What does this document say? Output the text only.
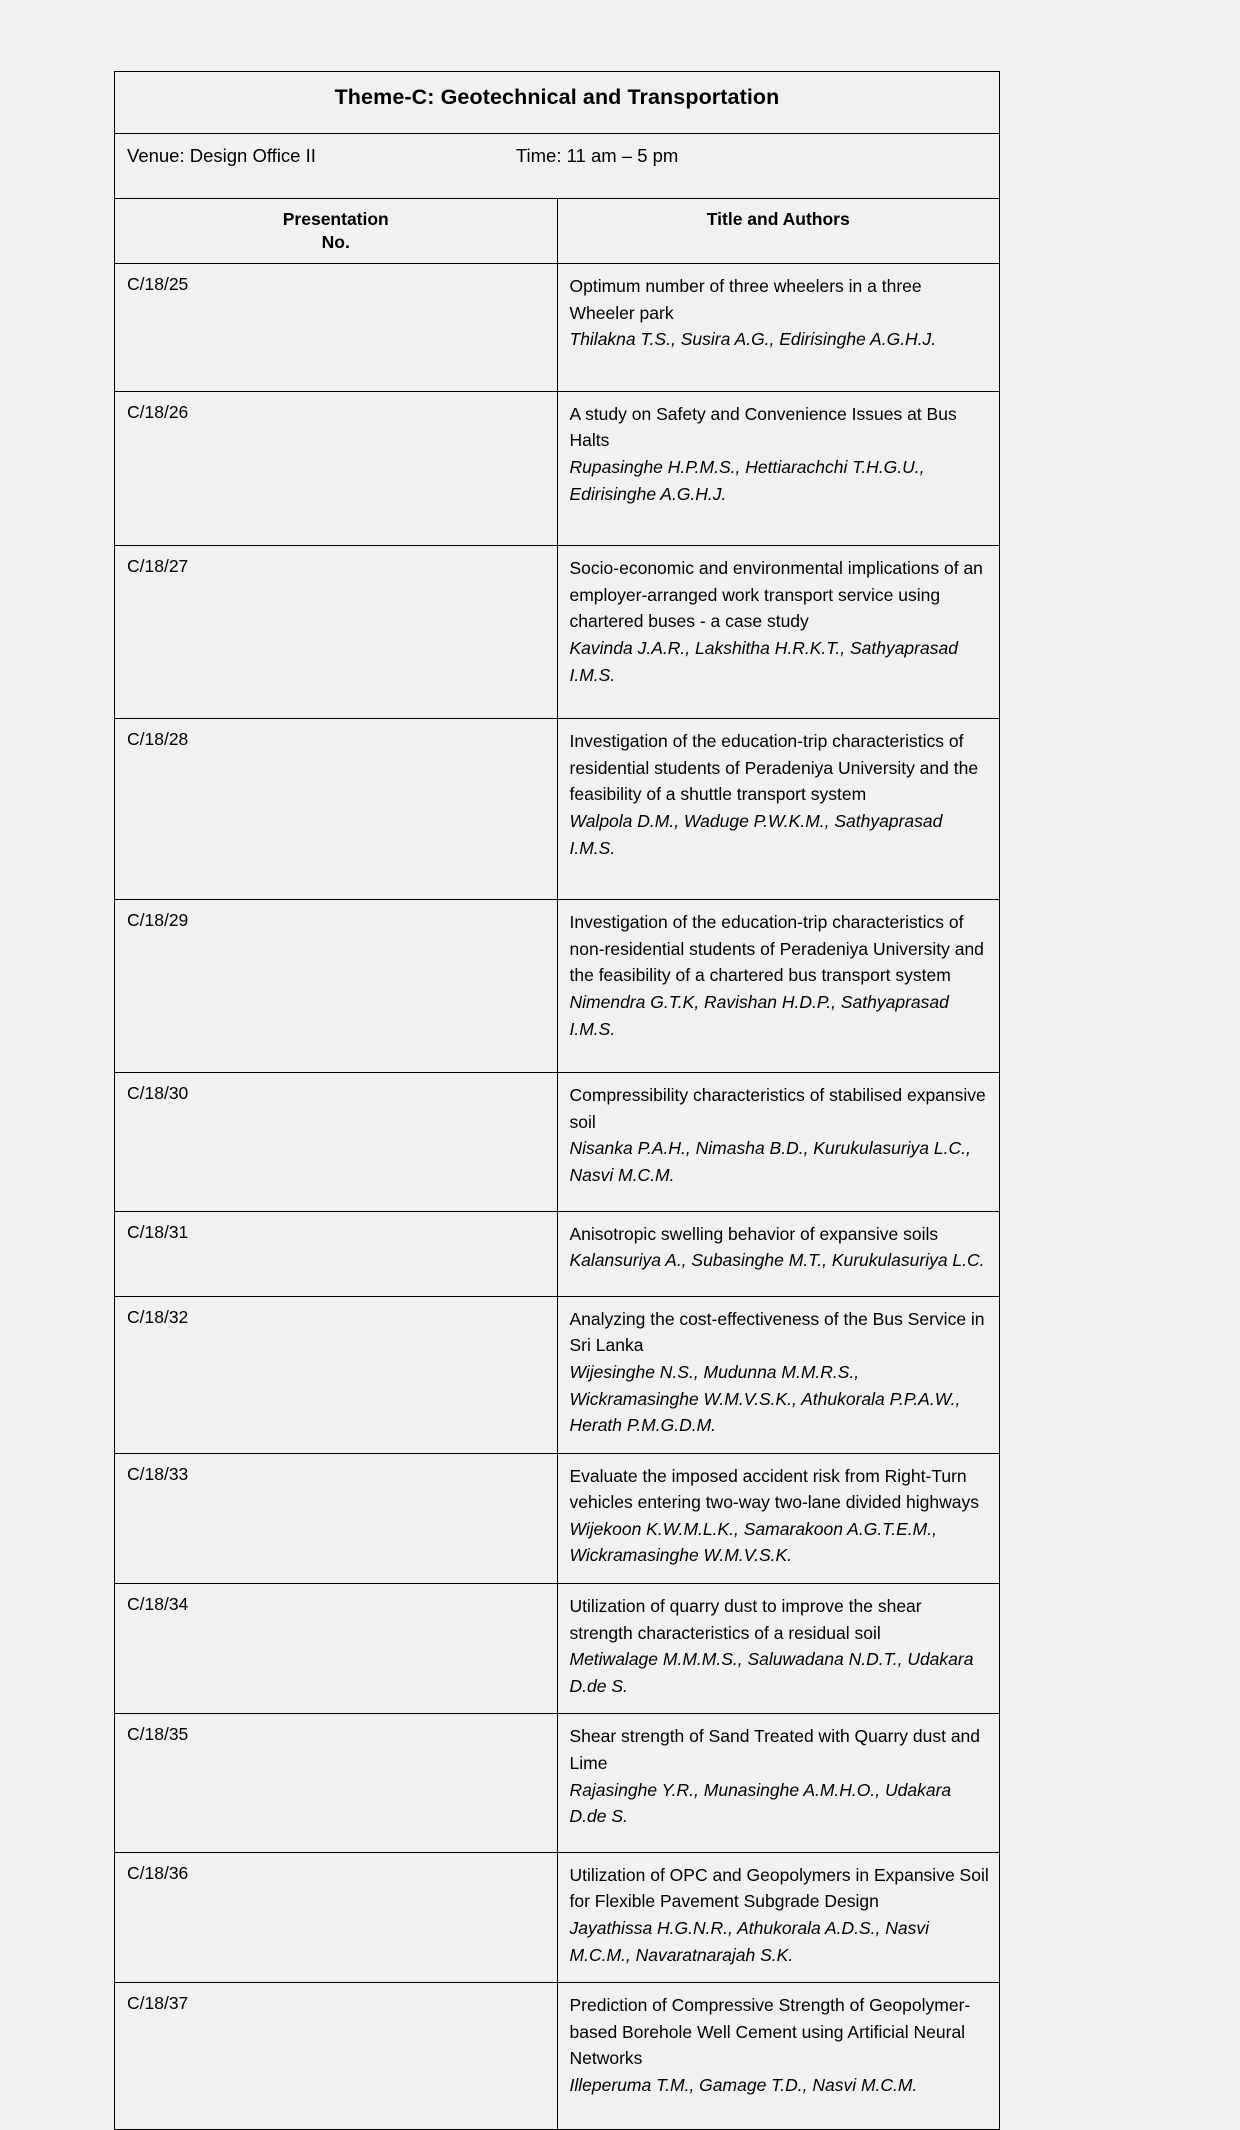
Theme-C: Geotechnical and Transportation	

Venue: Design Office II Time: 11 am – 5 pm	

Presentation
No.	Title and Authors
C/18/25	Optimum number of three wheelers in a three Wheeler park
Thilakna T.S., Susira A.G., Edirisinghe A.G.H.J.

C/18/26	A study on Safety and Convenience Issues at Bus Halts
Rupasinghe H.P.M.S., Hettiarachchi T.H.G.U., Edirisinghe A.G.H.J.

C/18/27	Socio-economic and environmental implications of an employer-arranged work transport service using chartered buses - a case study
Kavinda J.A.R., Lakshitha H.R.K.T., Sathyaprasad I.M.S.

C/18/28	Investigation of the education-trip characteristics of residential students of Peradeniya University and the feasibility of a shuttle transport system
Walpola D.M., Waduge P.W.K.M., Sathyaprasad I.M.S.

C/18/29	Investigation of the education-trip characteristics of non-residential students of Peradeniya University and the feasibility of a chartered bus transport system
Nimendra G.T.K, Ravishan H.D.P., Sathyaprasad I.M.S.

C/18/30	Compressibility characteristics of stabilised expansive soil
Nisanka P.A.H., Nimasha B.D., Kurukulasuriya L.C., Nasvi M.C.M.

C/18/31	Anisotropic swelling behavior of expansive soils
Kalansuriya A., Subasinghe M.T., Kurukulasuriya L.C.

C/18/32	Analyzing the cost-effectiveness of the Bus Service in Sri Lanka
Wijesinghe N.S., Mudunna M.M.R.S., Wickramasinghe W.M.V.S.K., Athukorala P.P.A.W., Herath P.M.G.D.M.

C/18/33	Evaluate the imposed accident risk from Right-Turn vehicles entering two-way two-lane divided highways
Wijekoon K.W.M.L.K., Samarakoon A.G.T.E.M., Wickramasinghe W.M.V.S.K.

C/18/34	Utilization of quarry dust to improve the shear strength characteristics of a residual soil
Metiwalage M.M.M.S., Saluwadana N.D.T., Udakara D.de S.

C/18/35	Shear strength of Sand Treated with Quarry dust and Lime
Rajasinghe Y.R., Munasinghe A.M.H.O., Udakara D.de S.

C/18/36	Utilization of OPC and Geopolymers in Expansive Soil for Flexible Pavement Subgrade Design
Jayathissa H.G.N.R., Athukorala A.D.S., Nasvi M.C.M., Navaratnarajah S.K.

C/18/37	Prediction of Compressive Strength of Geopolymer-based Borehole Well Cement using Artificial Neural Networks
Illeperuma T.M., Gamage T.D., Nasvi M.C.M.
